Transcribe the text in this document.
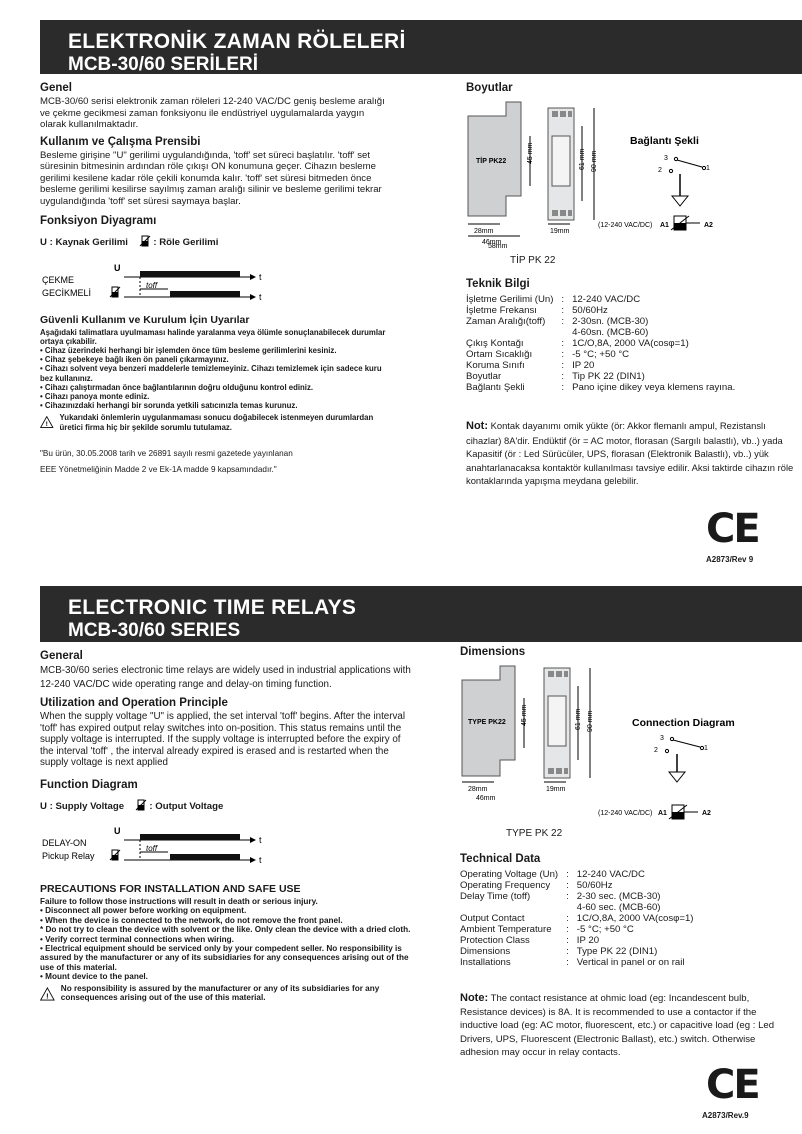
ELEKTRONİK ZAMAN RÖLELERİ
MCB-30/60 SERİLERİ
Genel
MCB-30/60 serisi elektronik zaman röleleri 12-240 VAC/DC geniş besleme aralığı ve çekme gecikmesi zaman fonksiyonu ile endüstriyel uygulamalarda yaygın olarak kullanılmaktadır.
Kullanım ve Çalışma Prensibi
Besleme girişine "U" gerilimi uygulandığında, 'toff' set süreci başlatılır. 'toff' set süresinin bitmesinin ardından röle çıkışı ON konumuna geçer. Cihazın besleme gerilimi kesilene kadar röle çekili konumda kalır. 'toff' set süresi bitmeden önce besleme gerilimi kesilirse sayılmış zaman aralığı silinir ve besleme gerilimi tekrar uygulandığında 'toff' set süresi saymaya başlar.
Fonksiyon Diyagramı
U : Kaynak Gerilimi	: Röle Gerilimi
ÇEKME
GECİKMELİ
U
t
toff
t
Güvenli Kullanım ve Kurulum İçin Uyarılar
Aşağıdaki talimatlara uyulmaması halinde yaralanma veya ölümle sonuçlanabilecek durumlar ortaya çıkabilir.
• Cihaz üzerindeki herhangi bir işlemden önce tüm besleme gerilimlerini kesiniz.
• Cihaz şebekeye bağlı iken ön paneli çıkarmayınız.
• Cihazı solvent veya benzeri maddelerle temizlemeyiniz. Cihazı temizlemek için sadece kuru bez kullanınız.
• Cihazı çalıştırmadan önce bağlantılarının doğru olduğunu kontrol ediniz.
• Cihazı panoya monte ediniz.
• Cihazınızdaki herhangi bir sorunda yetkili satıcınızla temas kurunuz.
!
Yukarıdaki önlemlerin uygulanmaması sonucu doğabilecek istenmeyen durumlardan üretici firma hiç bir şekilde sorumlu tutulamaz.
"Bu ürün, 30.05.2008 tarih ve 26891 sayılı resmi gazetede yayınlanan
EEE Yönetmeliğinin Madde 2 ve Ek-1A madde 9 kapsamındadır."
Boyutlar
TİP PK22	45 mm	61 mm 90 mm
28mm
46mm
19mm
58mm
Bağlantı Şekli
3
2	1
(12-240 VAC/DC) A1	A2
TİP PK 22
Teknik Bilgi
İşletme Gerilimi (Un)	:	12-240 VAC/DC
İşletme Frekansı	:	50/60Hz
Zaman Aralığı(toff)	:	2-30sn. (MCB-30)
		4-60sn. (MCB-60)
Çıkış Kontağı	:	1C/O,8A, 2000 VA(cosφ=1)
Ortam Sıcaklığı	:	-5 °C; +50 °C
Koruma Sınıfı	:	IP 20
Boyutlar	:	Tip PK 22 (DIN1)
Bağlantı Şekli	:	Pano içine dikey veya klemens rayına.
Not: Kontak dayanımı omik yükte (ör: Akkor flemanlı ampul, Rezistanslı cihazlar) 8A'dir. Endüktif (ör = AC motor, florasan (Sargılı balastlı), vb..) yada Kapasitif (ör : Led Sürücüler, UPS, florasan (Elektronik Balastlı), vb..) yük anahtarlanacaksa kontaktör kullanılması tavsiye edilir. Aksi taktirde cihazın röle kontaklarında yapışma meydana gelebilir.
CE
A2873/Rev 9
ELECTRONIC TIME RELAYS
MCB-30/60 SERIES
General
MCB-30/60 series electronic time relays are widely used in industrial applications with 12-240 VAC/DC wide operating range and delay-on timing function.
Utilization and Operation Principle
When the supply voltage "U" is applied, the set interval 'toff' begins. After the interval 'toff' has expired output relay switches into on-position. This status remains until the supply voltage is interrupted. If the supply voltage is interrupted before the expiry of the interval 'toff' , the interval already expired is erased and is restarted when the supply voltage is next applied
Function Diagram
U : Supply Voltage	: Output Voltage
DELAY-ON
Pickup Relay
U
t
toff
t
PRECAUTIONS FOR INSTALLATION AND SAFE USE
Failure to follow those instructions will result in death or serious injury.
• Disconnect all power before working on equipment.
• When the device is connected to the network, do not remove the front panel.
* Do not try to clean the device with solvent or the like. Only clean the device with a dried cloth.
• Verify correct terminal connections when wiring.
• Electrical equipment should be serviced only by your compedent seller. No responsibility is assured by the manufacturer or any of its subsidiaries for any consequences arising out of the use of this material.
• Mount device to the panel.
!
No responsibility is assured by the manufacturer or any of its subsidiaries for any consequences arising out of the use of this material.
Dimensions
TYPE PK22 45 mm	61 mm 90 mm
28mm	19mm
46mm
Connection Diagram
3
2	1

(12-240 VAC/DC) A1	A2
TYPE PK 22
Technical Data
Operating Voltage (Un)	:	12-240 VAC/DC
Operating Frequency	:	50/60Hz
Delay Time (toff)	:	2-30 sec. (MCB-30)
		4-60 sec. (MCB-60)
Output Contact	:	1C/O,8A, 2000 VA(cosφ=1)
Ambient Temperature	:	-5 °C; +50 °C
Protection Class	:	IP 20
Dimensions	:	Type PK 22 (DIN1)
Installations	:	Vertical in panel or on rail
Note: The contact resistance at ohmic load (eg: Incandescent bulb, Resistance devices) is 8A. It is recommended to use a contactor if the inductive load (eg: AC motor, fluorescent, etc.) or capacitive load (eg : Led Drivers, UPS, Fluorescent (Electronic Ballast), etc.) switch. Otherwise adhesion may occur in relay contacts.
CE
A2873/Rev.9
